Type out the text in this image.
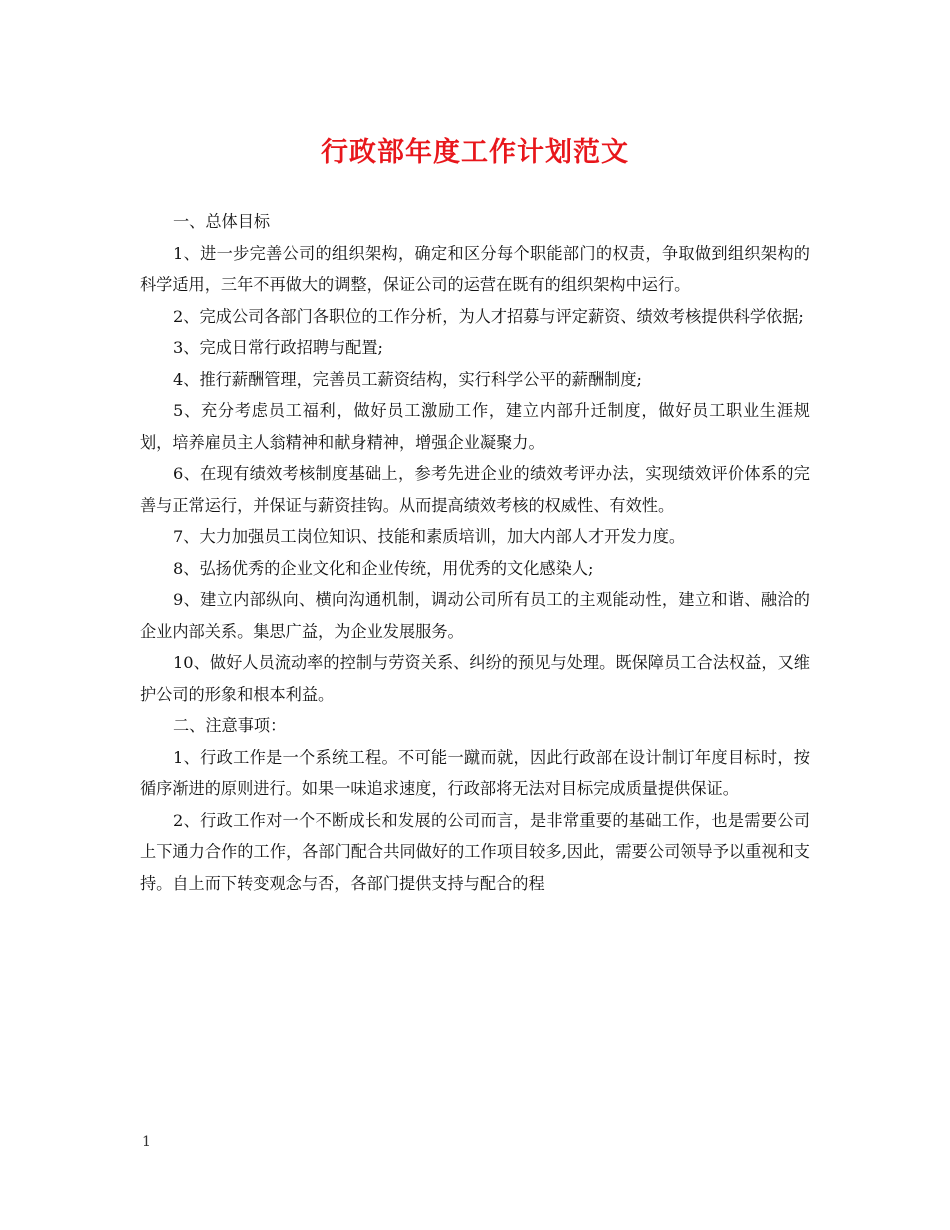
行政部年度工作计划范文

一、总体目标

1、进一步完善公司的组织架构，确定和区分每个职能部门的权责，争取做到组织架构的科学适用，三年不再做大的调整，保证公司的运营在既有的组织架构中运行。

2、完成公司各部门各职位的工作分析，为人才招募与评定薪资、绩效考核提供科学依据;

3、完成日常行政招聘与配置;

4、推行薪酬管理，完善员工薪资结构，实行科学公平的薪酬制度;

5、充分考虑员工福利，做好员工激励工作，建立内部升迁制度，做好员工职业生涯规划，培养雇员主人翁精神和献身精神，增强企业凝聚力。

6、在现有绩效考核制度基础上，参考先进企业的绩效考评办法，实现绩效评价体系的完善与正常运行，并保证与薪资挂钩。从而提高绩效考核的权威性、有效性。

7、大力加强员工岗位知识、技能和素质培训，加大内部人才开发力度。

8、弘扬优秀的企业文化和企业传统，用优秀的文化感染人;

9、建立内部纵向、横向沟通机制，调动公司所有员工的主观能动性，建立和谐、融洽的企业内部关系。集思广益，为企业发展服务。

10、做好人员流动率的控制与劳资关系、纠纷的预见与处理。既保障员工合法权益，又维护公司的形象和根本利益。

二、注意事项：

1、行政工作是一个系统工程。不可能一蹴而就，因此行政部在设计制订年度目标时，按循序渐进的原则进行。如果一味追求速度，行政部将无法对目标完成质量提供保证。

2、行政工作对一个不断成长和发展的公司而言，是非常重要的基础工作，也是需要公司上下通力合作的工作，各部门配合共同做好的工作项目较多,因此，需要公司领导予以重视和支持。自上而下转变观念与否，各部门提供支持与配合的程

1
